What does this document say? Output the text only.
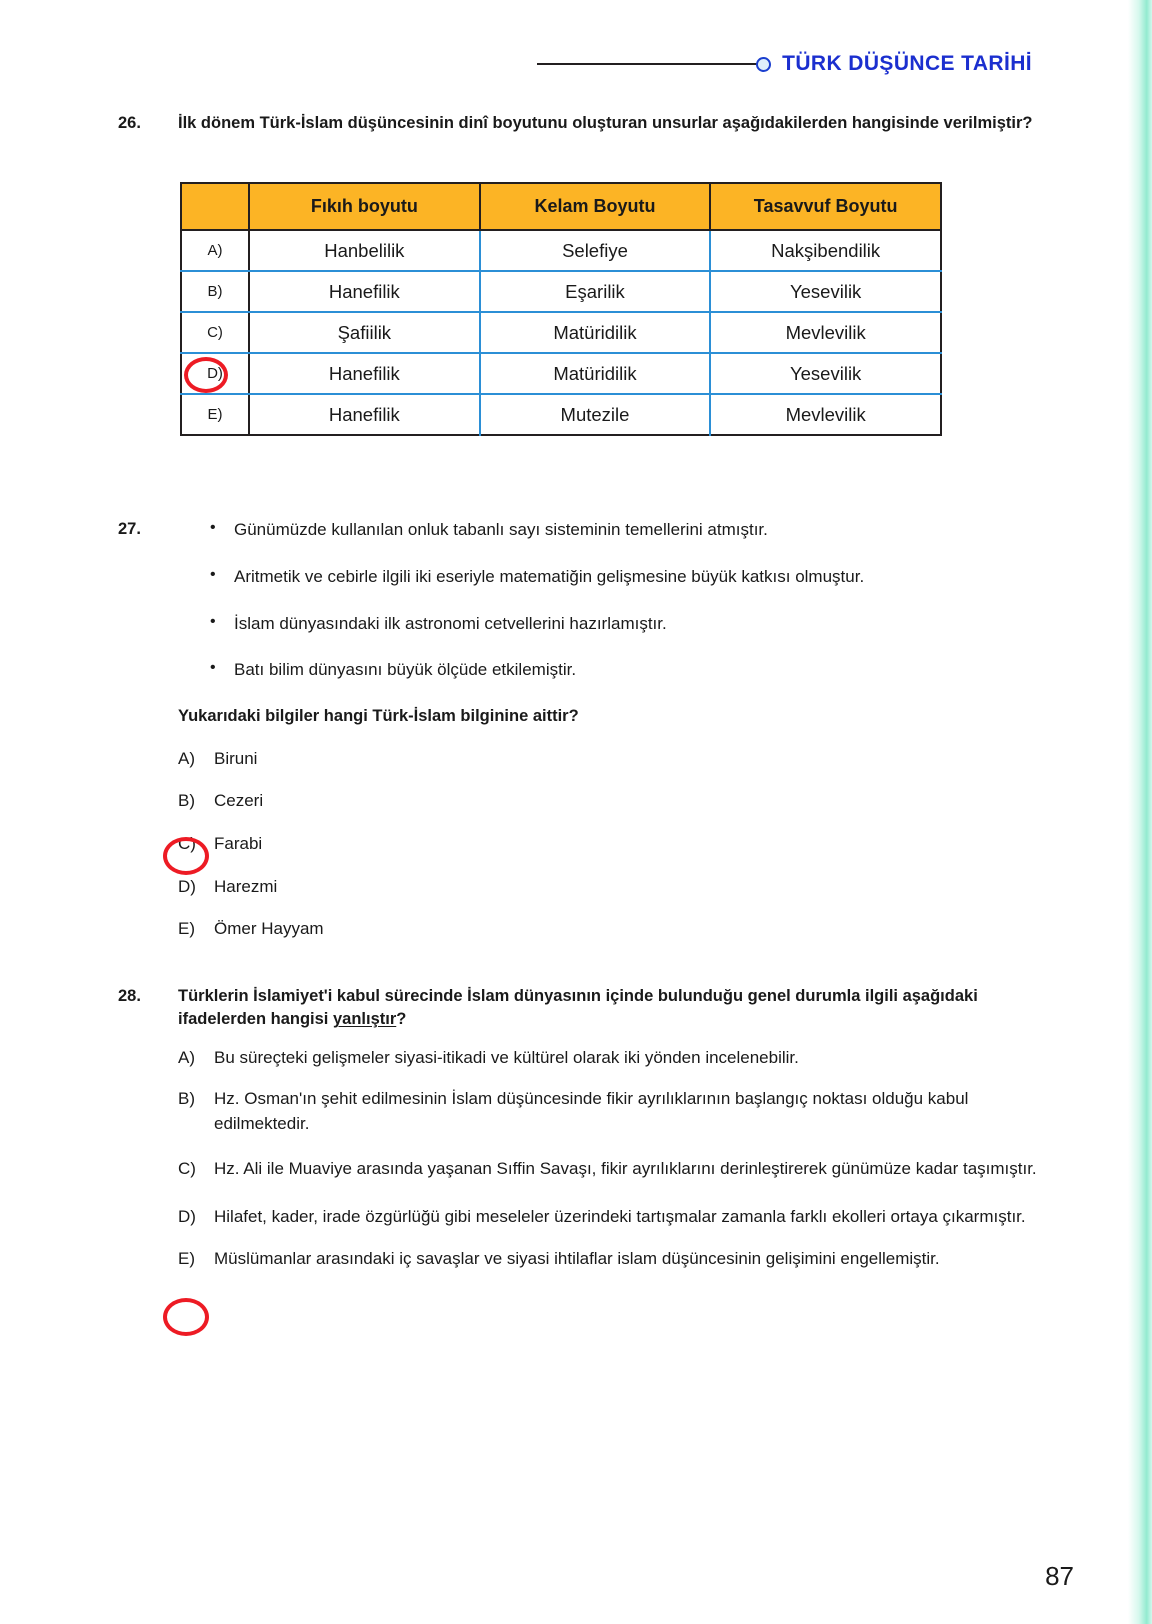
TÜRK DÜŞÜNCE TARİHİ
26.	İlk dönem Türk-İslam düşüncesinin dinî boyutunu oluşturan unsurlar aşağıdakilerden hangisinde verilmiştir?
	Fıkıh boyutu	Kelam Boyutu	Tasavvuf Boyutu
A)	Hanbelilik	Selefiye	Nakşibendilik
B)	Hanefilik	Eşarilik	Yesevilik
C)	Şafiilik	Matüridilik	Mevlevilik
D)	Hanefilik	Matüridilik	Yesevilik
E)	Hanefilik	Mutezile	Mevlevilik
27.	• Günümüzde kullanılan onluk tabanlı sayı sisteminin temellerini atmıştır.
• Aritmetik ve cebirle ilgili iki eseriyle matematiğin gelişmesine büyük katkısı olmuştur.
• İslam dünyasındaki ilk astronomi cetvellerini hazırlamıştır.
• Batı bilim dünyasını büyük ölçüde etkilemiştir.
Yukarıdaki bilgiler hangi Türk-İslam bilginine aittir?
A)	Biruni
B)	Cezeri
C)	Farabi
D)	Harezmi
E)	Ömer Hayyam
28.	Türklerin İslamiyet'i kabul sürecinde İslam dünyasının içinde bulunduğu genel durumla ilgili aşağıdaki ifadelerden hangisi yanlıştır?
A)	Bu süreçteki gelişmeler siyasi-itikadi ve kültürel olarak iki yönden incelenebilir.
B)	Hz. Osman'ın şehit edilmesinin İslam düşüncesinde fikir ayrılıklarının başlangıç noktası olduğu kabul edilmektedir.
C)	Hz. Ali ile Muaviye arasında yaşanan Sıffin Savaşı, fikir ayrılıklarını derinleştirerek günümüze kadar taşımıştır.
D)	Hilafet, kader, irade özgürlüğü gibi meseleler üzerindeki tartışmalar zamanla farklı ekolleri ortaya çıkarmıştır.
E)	Müslümanlar arasındaki iç savaşlar ve siyasi ihtilaflar islam düşüncesinin gelişimini engellemiştir.
87
